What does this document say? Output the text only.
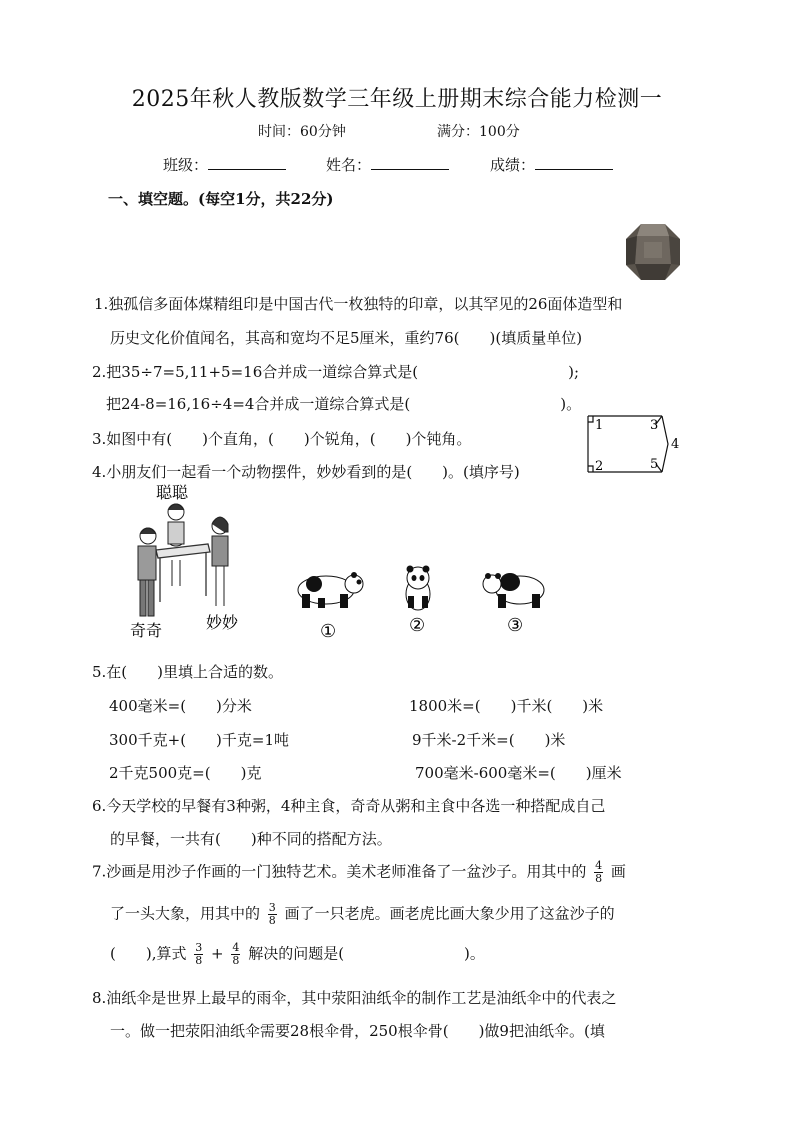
2025年秋人教版数学三年级上册期末综合能力检测一
时间：60分钟	满分：100分
班级：	姓名：	成绩：
一、填空题。(每空1分，共22分)
1.独孤信多面体煤精组印是中国古代一枚独特的印章，以其罕见的26面体造型和
历史文化价值闻名，其高和宽均不足5厘米，重约76(　　)(填质量单位)
2.把35÷7=5,11+5=16合并成一道综合算式是(　　　　　　　　　　);
把24-8=16,16÷4=4合并成一道综合算式是(　　　　　　　　　　)。
3.如图中有(　　)个直角，(　　)个锐角，(　　)个钝角。
1	3
4
2	5
4.小朋友们一起看一个动物摆件，妙妙看到的是(　　)。(填序号)
聪聪
奇奇	妙妙	①	②	③
5.在(　　)里填上合适的数。
400毫米=(　　)分米	1800米=(　　)千米(　　)米
300千克+(　　)千克=1吨	9千米-2千米=(　　)米
2千克500克=(　　)克	700毫米-600毫米=(　　)厘米
6.今天学校的早餐有3种粥，4种主食，奇奇从粥和主食中各选一种搭配成自己
的早餐，一共有(　　)种不同的搭配方法。
7.沙画是用沙子作画的一门独特艺术。美术老师准备了一盆沙子。用其中的 $\frac{4}{8}$ 画
了一头大象，用其中的 $\frac{3}{8}$ 画了一只老虎。画老虎比画大象少用了这盆沙子的
(　　),算式 $\frac{3}{8} + \frac{4}{8}$ 解决的问题是(　　　　　　　　)。
8.油纸伞是世界上最早的雨伞，其中荥阳油纸伞的制作工艺是油纸伞中的代表之
一。做一把荥阳油纸伞需要28根伞骨，250根伞骨(　　)做9把油纸伞。(填
